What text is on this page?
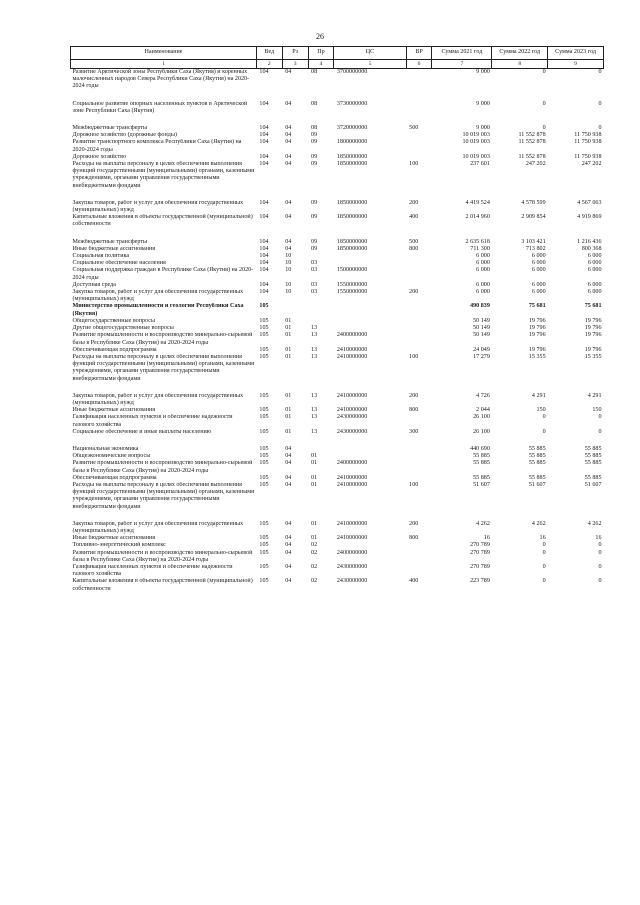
26
Наименование	Вед	Рз	Пр	ЦС	ВР	Сумма 2021 год	Сумма 2022 год	Сумма 2023 год
1	2	3	4	5	6	7	8	9
Развитие Арктической зоны Республики Саха (Якутия) и коренных малочисленных народов Севера Республики Саха (Якутия) на 2020-2024 годы	104	04	08	3700000000		9 000	0	0

Социальное развитие опорных населенных пунктов в Арктической зоне Республики Саха (Якутия)	104	04	08	3730000000		9 000	0	0

Межбюджетные трансферты	104	04	08	3720000000	500	9 000	0	0
Дорожное хозяйство (дорожные фонды)	104	04	09			10 019 003	11 552 878	11 750 938
Развитие транспортного комплекса Республики Саха (Якутия) на 2020-2024 годы	104	04	09	1800000000		10 019 003	11 552 878	11 750 938
Дорожное хозяйство	104	04	09	1850000000		10 019 003	11 552 878	11 750 938
Расходы на выплаты персоналу в целях обеспечения выполнения функций государственными (муниципальными) органами, казенными учреждениями, органами управления государственными внебюджетными фондами	104	04	09	1850000000	100	237 601	247 202	247 202

Закупка товаров, работ и услуг для обеспечения государственных (муниципальных) нужд	104	04	09	1850000000	200	4 419 524	4 578 599	4 567 063
Капитальные вложения в объекты государственной (муниципальной) собственности	104	04	09	1850000000	400	2 014 960	2 909 854	4 919 869

Межбюджетные трансферты	104	04	09	1850000000	500	2 635 618	3 103 421	1 216 436
Иные бюджетные ассигнования	104	04	09	1850000000	800	711 300	713 802	800 368
Социальная политика	104	10				6 000	6 000	6 000
Социальное обеспечение населения	104	10	03			6 000	6 000	6 000
Социальная поддержка граждан в Республике Саха (Якутия) на 2020-2024 годы	104	10	03	1500000000		6 000	6 000	6 000
Доступная среда	104	10	03	1550000000		6 000	6 000	6 000
Закупка товаров, работ и услуг для обеспечения государственных (муниципальных) нужд	104	10	03	1550000000	200	6 000	6 000	6 000
Министерство промышленности и геологии Республики Саха (Якутия)	105					490 839	75 681	75 681
Общегосударственные вопросы	105	01				50 149	19 796	19 796
Другие общегосударственные вопросы	105	01	13			50 149	19 796	19 796
Развитие промышленности и воспроизводство минерально-сырьевой базы в Республике Саха (Якутия) на 2020-2024 годы	105	01	13	2400000000		50 149	19 796	19 796
Обеспечивающая подпрограмма	105	01	13	2410000000		24 049	19 796	19 796
Расходы на выплаты персоналу в целях обеспечения выполнения функций государственными (муниципальными) органами, казенными учреждениями, органами управления государственными внебюджетными фондами	105	01	13	2410000000	100	17 279	15 355	15 355

Закупка товаров, работ и услуг для обеспечения государственных (муниципальных) нужд	105	01	13	2410000000	200	4 726	4 291	4 291
Иные бюджетные ассигнования	105	01	13	2410000000	800	2 044	150	150
Газификация населенных пунктов и обеспечение надежности газового хозяйства	105	01	13	2430000000		26 100	0	0
Социальное обеспечение и иные выплаты населению	105	01	13	2430000000	300	26 100	0	0

Национальная экономика	105	04				440 690	55 885	55 885
Общеэкономические вопросы	105	04	01			55 885	55 885	55 885
Развитие промышленности и воспроизводство минерально-сырьевой базы в Республике Саха (Якутия) на 2020-2024 годы	105	04	01	2400000000		55 885	55 885	55 885
Обеспечивающая подпрограмма	105	04	01	2410000000		55 885	55 885	55 885
Расходы на выплаты персоналу в целях обеспечения выполнения функций государственными (муниципальными) органами, казенными учреждениями, органами управления государственными внебюджетными фондами	105	04	01	2410000000	100	51 607	51 607	51 607

Закупка товаров, работ и услуг для обеспечения государственных (муниципальных) нужд	105	04	01	2410000000	200	4 262	4 262	4 262
Иные бюджетные ассигнования	105	04	01	2410000000	800	16	16	16
Топливно-энергетический комплекс	105	04	02			270 789	0	0
Развитие промышленности и воспроизводство минерально-сырьевой базы в Республике Саха (Якутия) на 2020-2024 годы	105	04	02	2400000000		270 789	0	0
Газификация населенных пунктов и обеспечение надежности газового хозяйства	105	04	02	2430000000		270 789	0	0
Капитальные вложения в объекты государственной (муниципальной) собственности	105	04	02	2430000000	400	223 789	0	0
